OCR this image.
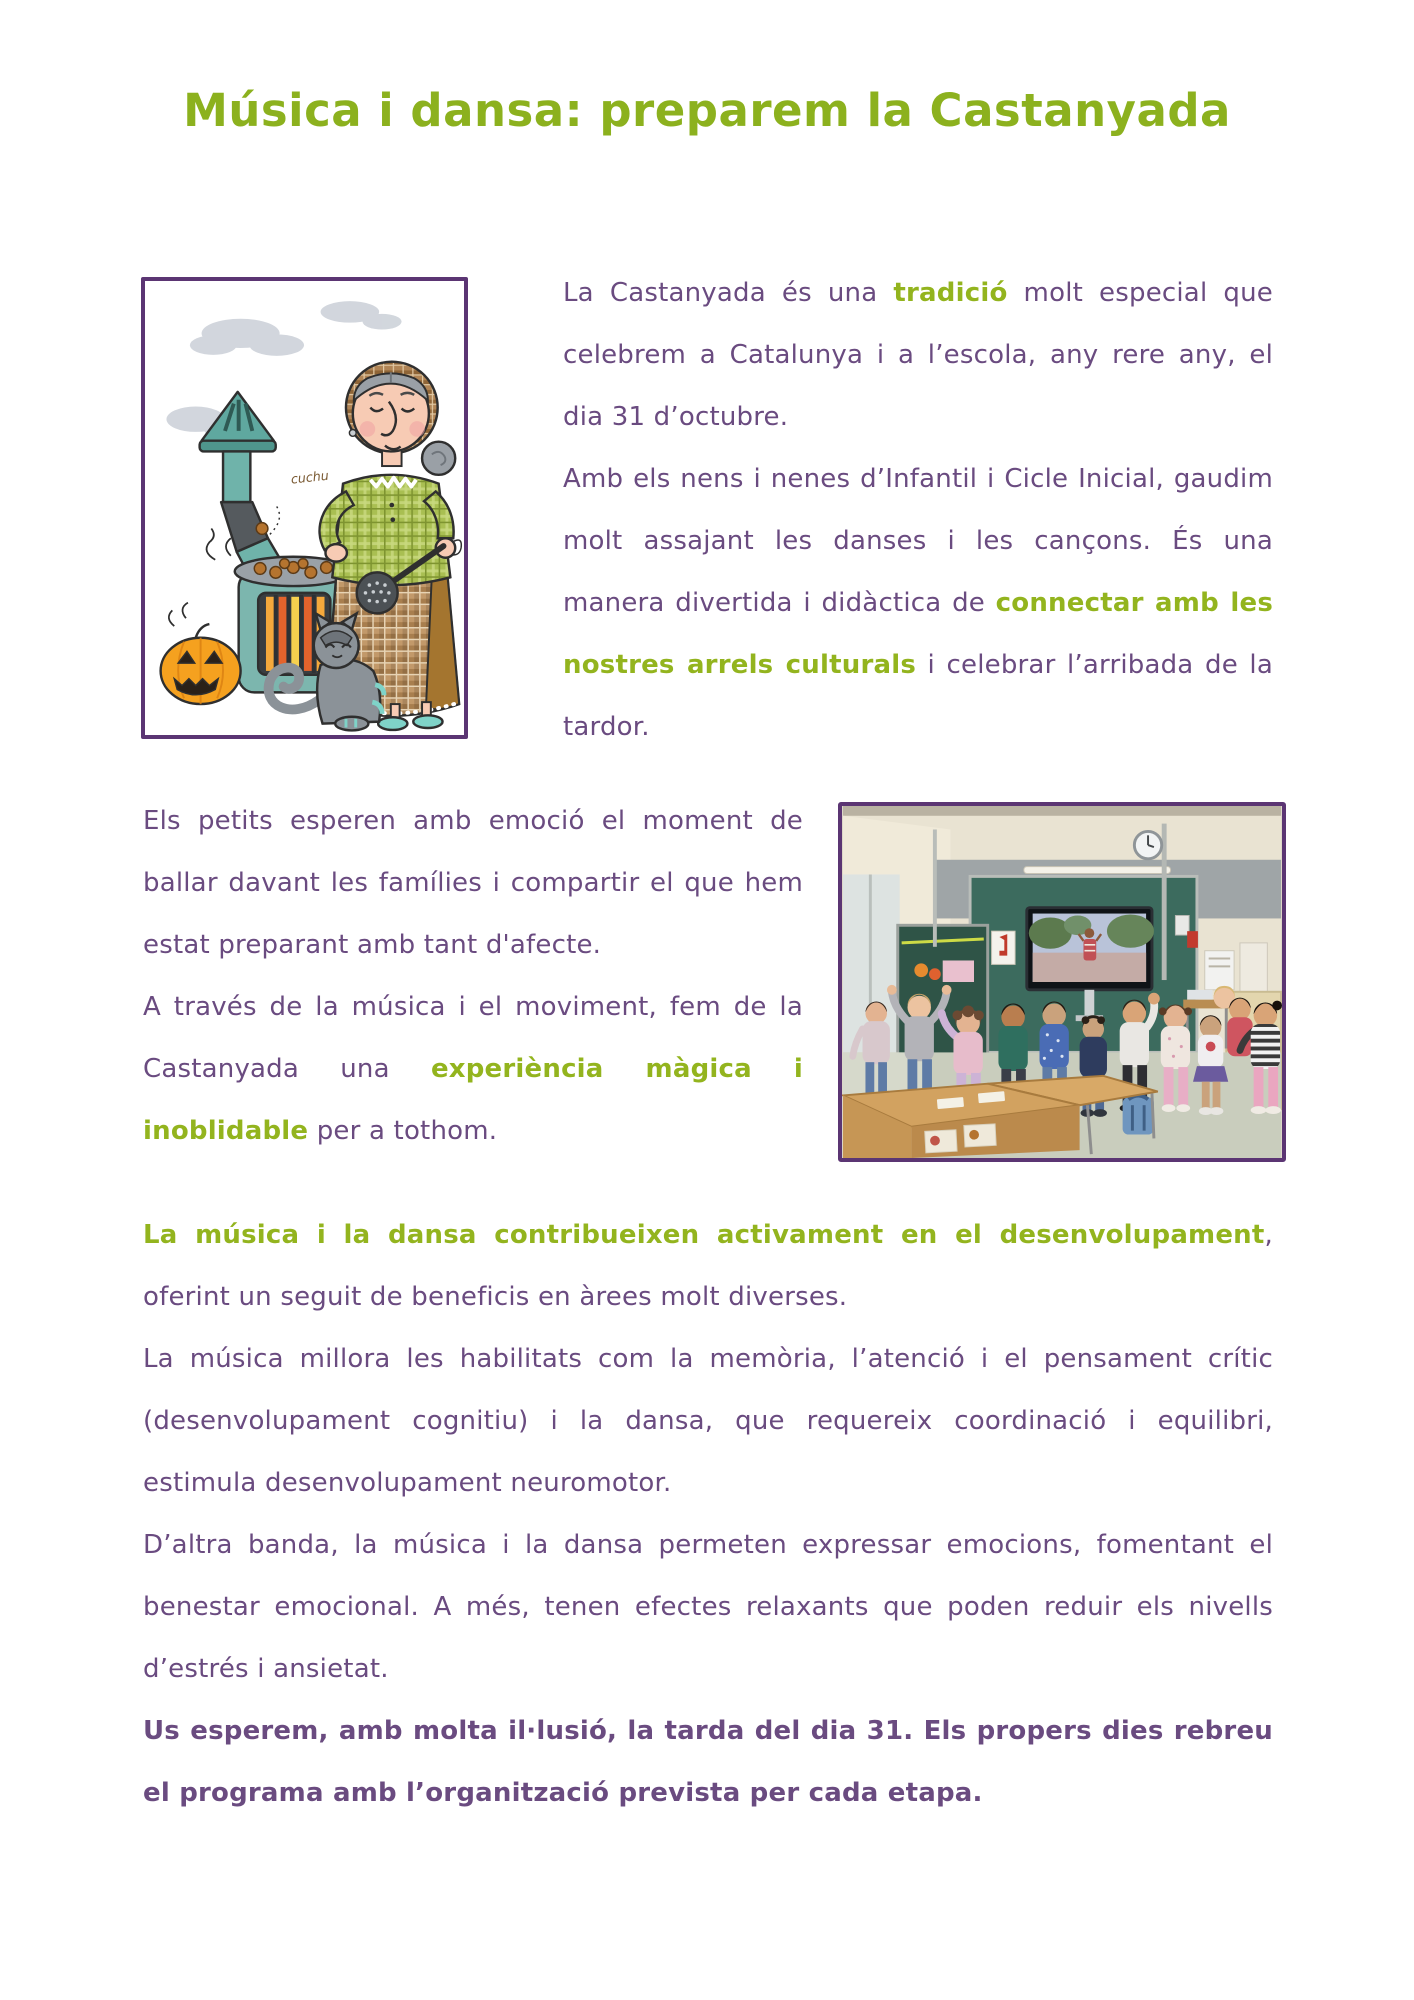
Música i dansa: preparem la Castanyada
cuchu

La Castanyada és una tradició molt especial que celebrem a Catalunya i a l’escola, any rere any, el dia 31 d’octubre.

Amb els nens i nenes d’Infantil i Cicle Inicial, gaudim molt assajant les danses i les cançons. És una manera divertida i didàctica de connectar amb les nostres arrels culturals i celebrar l’arribada de la tardor.

Els petits esperen amb emoció el moment de ballar davant les famílies i compartir el que hem estat preparant amb tant d'afecte.

A través de la música i el moviment, fem de la Castanyada una experiència màgica i inoblidable per a tothom.

La música i la dansa contribueixen activament en el desenvolupament, oferint un seguit de beneficis en àrees molt diverses.

La música millora les habilitats com la memòria, l’atenció i el pensament crític (desenvolupament cognitiu) i la dansa, que requereix coordinació i equilibri, estimula desenvolupament neuromotor.

D’altra banda, la música i la dansa permeten expressar emocions, fomentant el benestar emocional. A més, tenen efectes relaxants que poden reduir els nivells d’estrés i ansietat.

Us esperem, amb molta il·lusió, la tarda del dia 31. Els propers dies rebreu el programa amb l’organització prevista per cada etapa.
